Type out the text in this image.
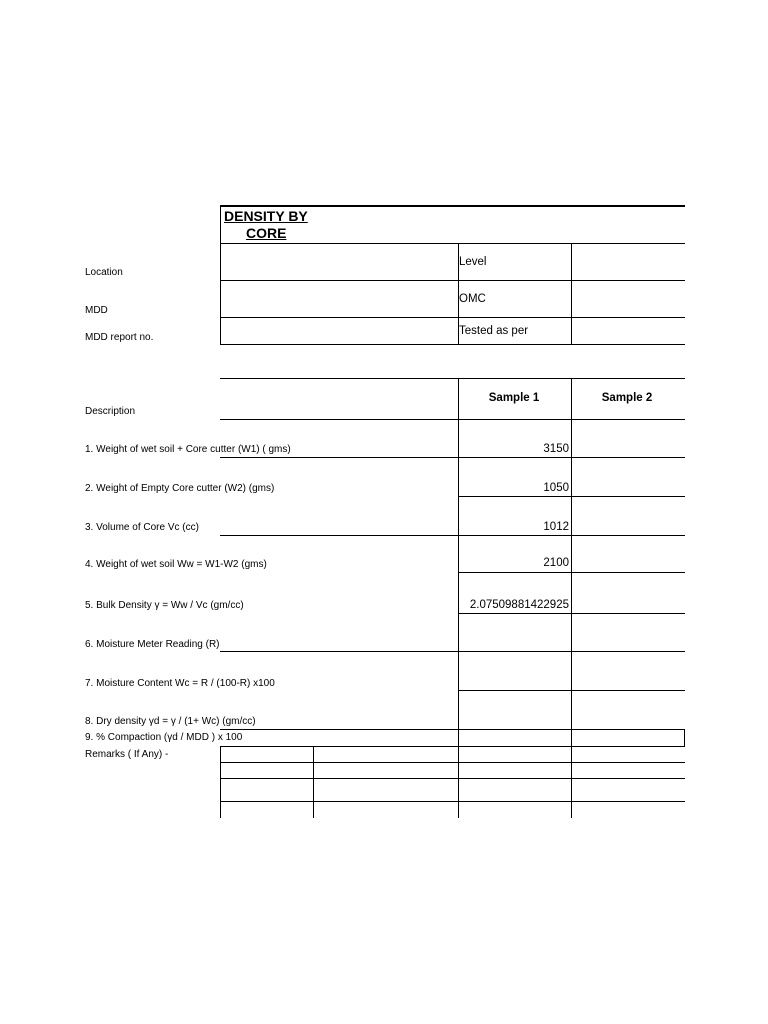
DENSITY BY
CORE
Location
MDD
MDD report no.
Level
OMC
Tested as per
Description
Sample 1	Sample 2
1. Weight of wet soil + Core cutter (W1) ( gms)
2. Weight of Empty Core cutter (W2) (gms)
3. Volume of Core Vc (cc)
4. Weight of wet soil Ww = W1-W2 (gms)
5. Bulk Density γ = Ww / Vc (gm/cc)
6. Moisture Meter Reading (R)
7. Moisture Content Wc = R / (100-R) x100
8. Dry density γd = γ / (1+ Wc) (gm/cc)
9. % Compaction (γd / MDD ) x 100
Remarks ( If Any) -
3150
1050
1012
2100
2.07509881422925
